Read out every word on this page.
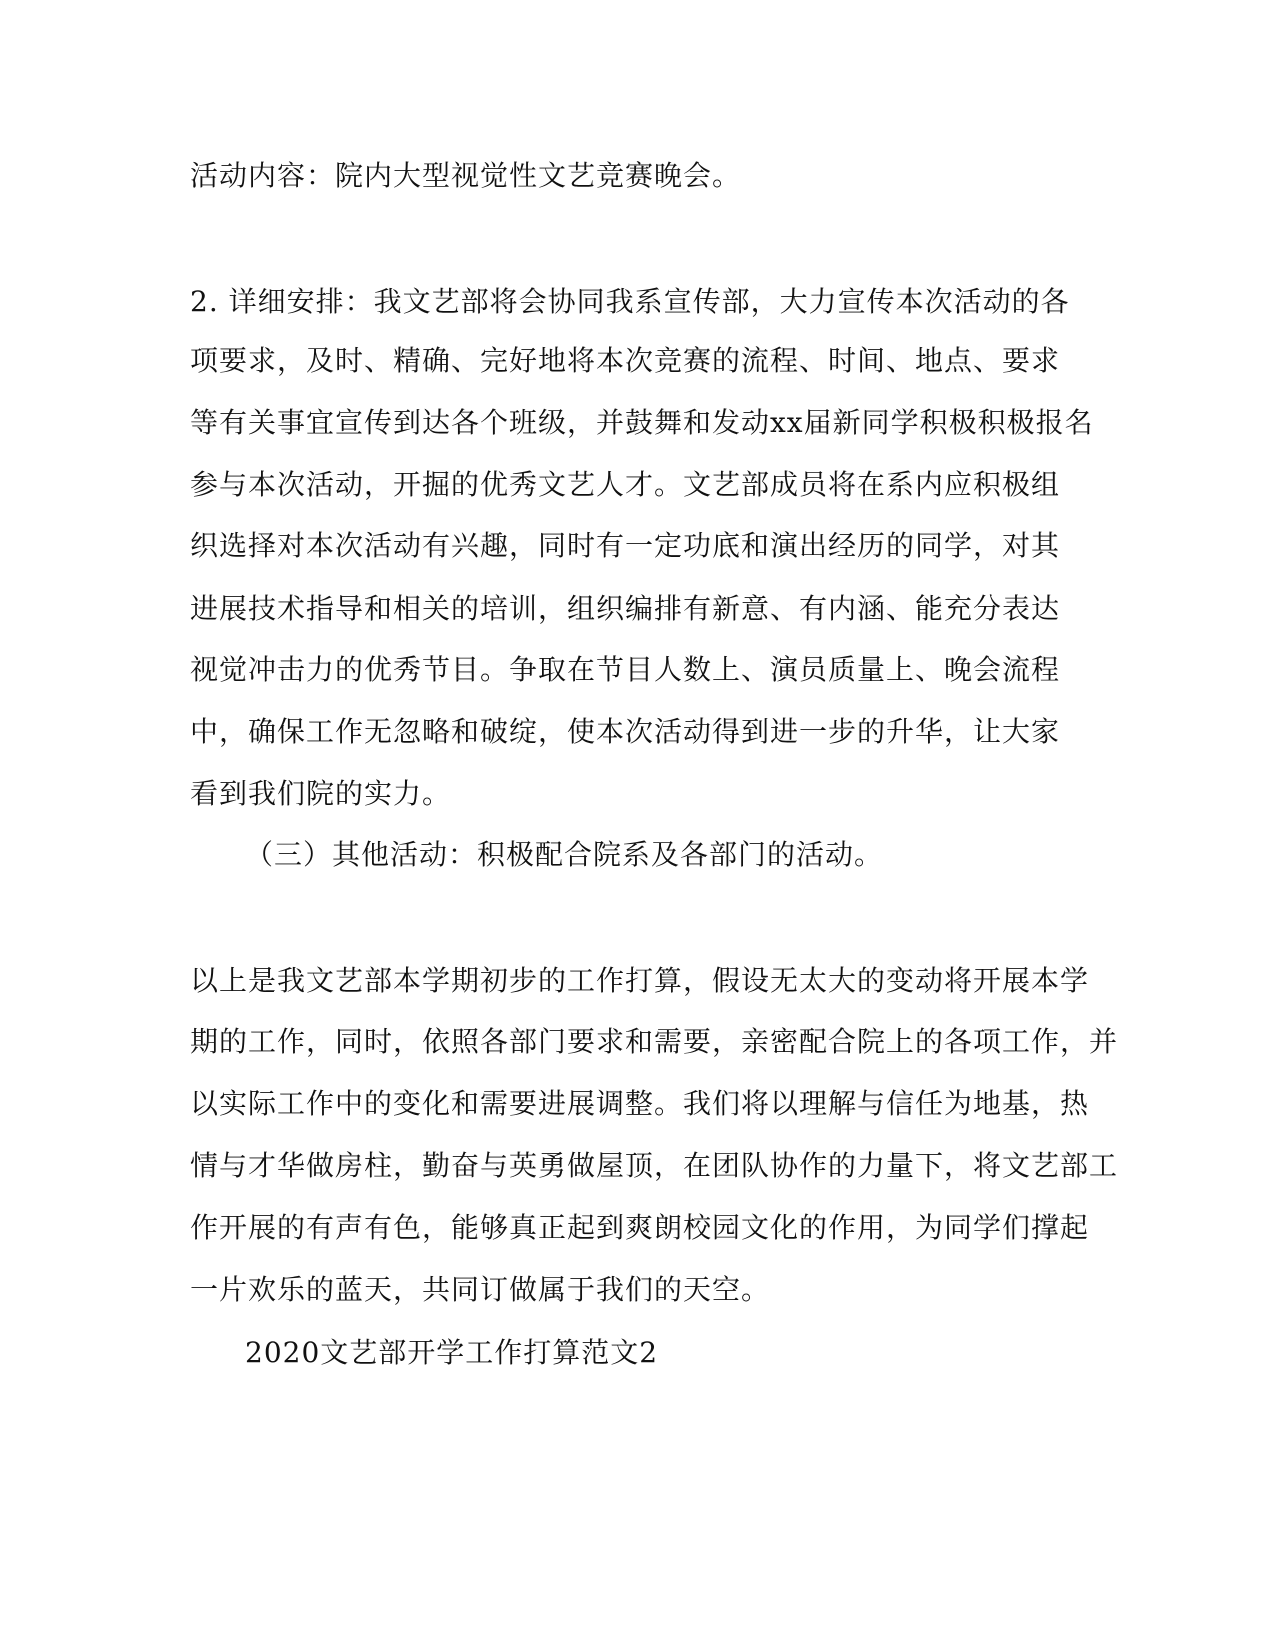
活动内容：院内大型视觉性文艺竞赛晚会。
2. 详细安排：我文艺部将会协同我系宣传部，大力宣传本次活动的各
项要求，及时、精确、完好地将本次竞赛的流程、时间、地点、要求
等有关事宜宣传到达各个班级，并鼓舞和发动xx届新同学积极积极报名
参与本次活动，开掘的优秀文艺人才。文艺部成员将在系内应积极组
织选择对本次活动有兴趣，同时有一定功底和演出经历的同学，对其
进展技术指导和相关的培训，组织编排有新意、有内涵、能充分表达
视觉冲击力的优秀节目。争取在节目人数上、演员质量上、晚会流程
中，确保工作无忽略和破绽，使本次活动得到进一步的升华，让大家
看到我们院的实力。
（三）其他活动：积极配合院系及各部门的活动。
以上是我文艺部本学期初步的工作打算，假设无太大的变动将开展本学
期的工作，同时，依照各部门要求和需要，亲密配合院上的各项工作，并
以实际工作中的变化和需要进展调整。我们将以理解与信任为地基，热
情与才华做房柱，勤奋与英勇做屋顶，在团队协作的力量下，将文艺部工
作开展的有声有色，能够真正起到爽朗校园文化的作用，为同学们撑起
一片欢乐的蓝天，共同订做属于我们的天空。
2020文艺部开学工作打算范文2
